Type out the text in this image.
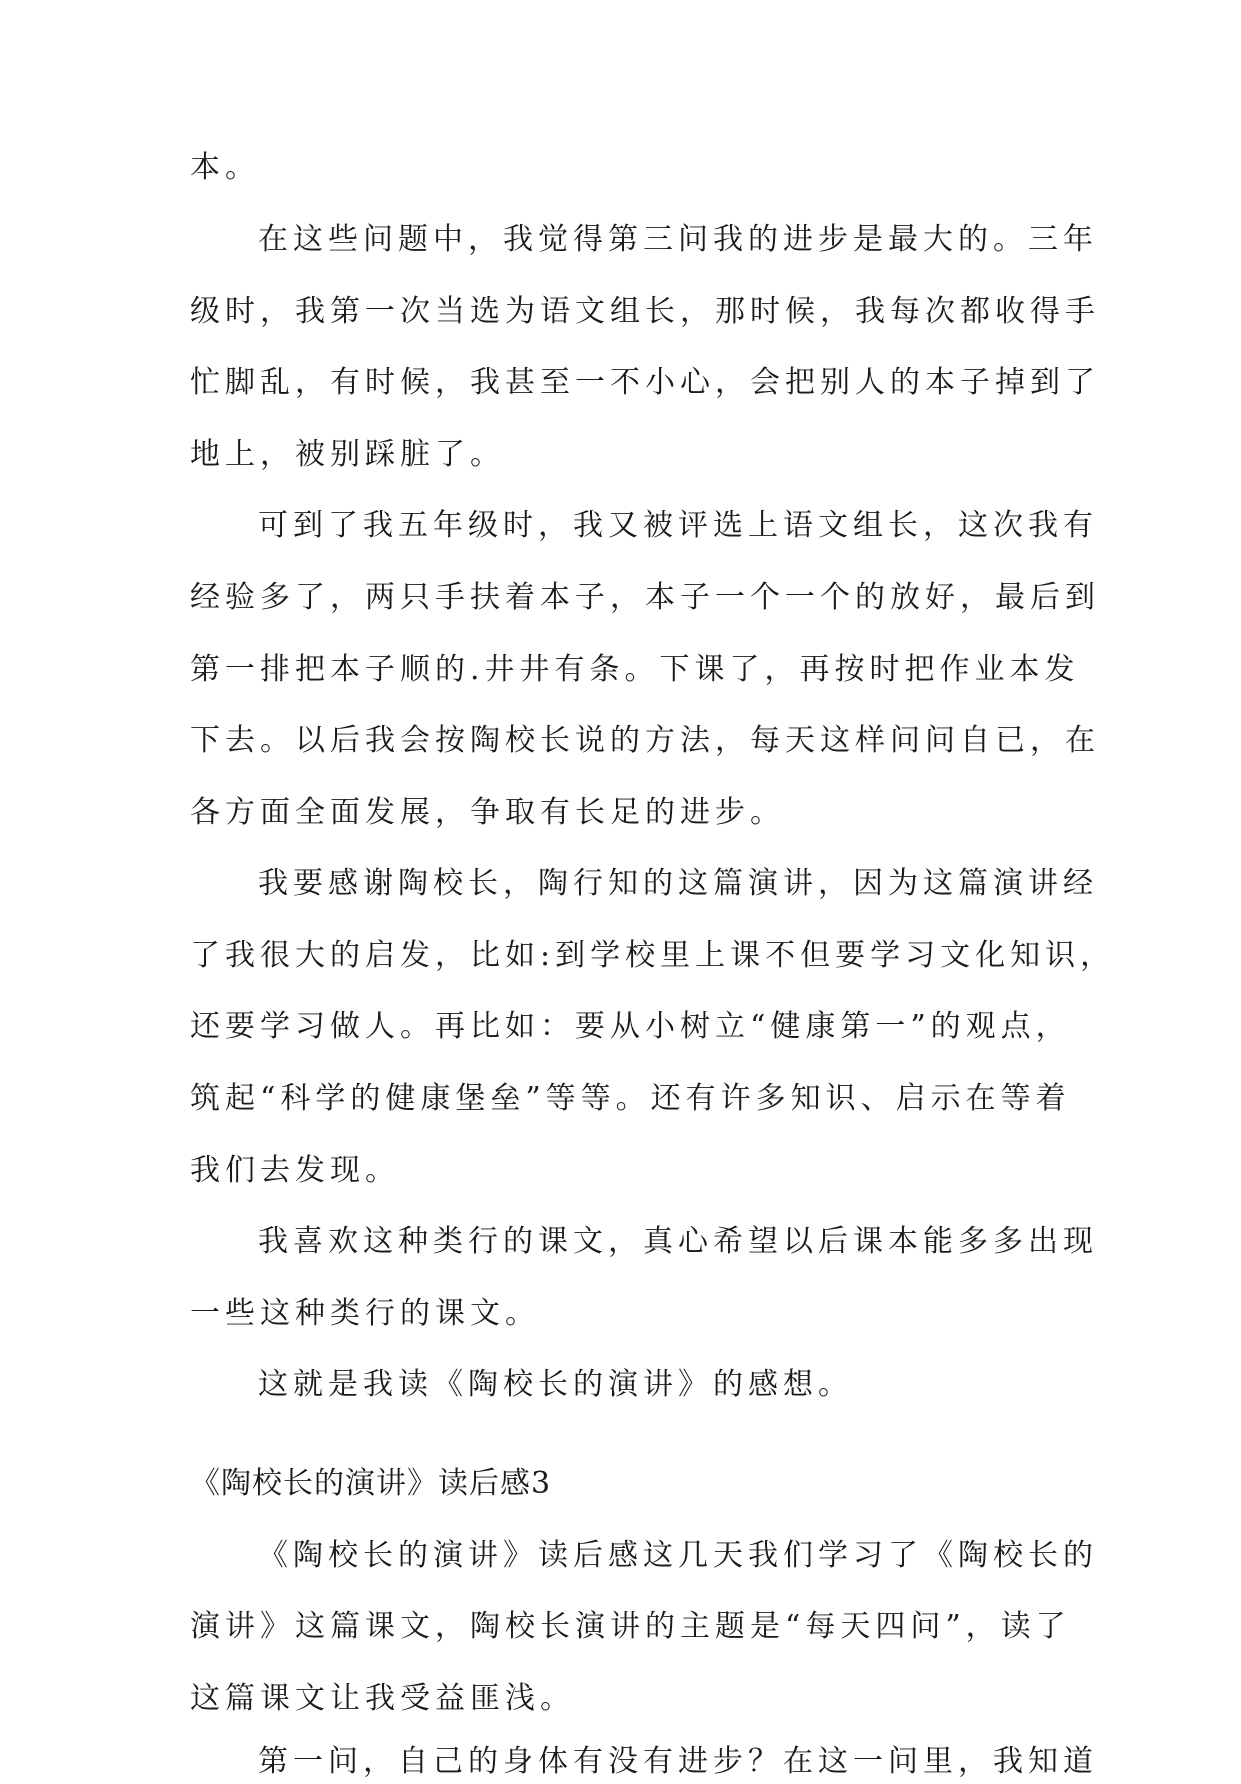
本。
在这些问题中，我觉得第三问我的进步是最大的。三年
级时，我第一次当选为语文组长，那时候，我每次都收得手
忙脚乱，有时候，我甚至一不小心，会把别人的本子掉到了
地上，被别踩脏了。
可到了我五年级时，我又被评选上语文组长，这次我有
经验多了，两只手扶着本子，本子一个一个的放好，最后到
第一排把本子顺的.井井有条。下课了，再按时把作业本发
下去。以后我会按陶校长说的方法，每天这样问问自已，在
各方面全面发展，争取有长足的进步。
我要感谢陶校长，陶行知的这篇演讲，因为这篇演讲经
了我很大的启发，比如:到学校里上课不但要学习文化知识，
还要学习做人。再比如：要从小树立“健康第一”的观点，
筑起“科学的健康堡垒”等等。还有许多知识、启示在等着
我们去发现。
我喜欢这种类行的课文，真心希望以后课本能多多出现
一些这种类行的课文。
这就是我读《陶校长的演讲》的感想。
《陶校长的演讲》读后感3
《陶校长的演讲》读后感这几天我们学习了《陶校长的
演讲》这篇课文，陶校长演讲的主题是“每天四问”，读了
这篇课文让我受益匪浅。
第一问，自己的身体有没有进步？在这一问里，我知道
